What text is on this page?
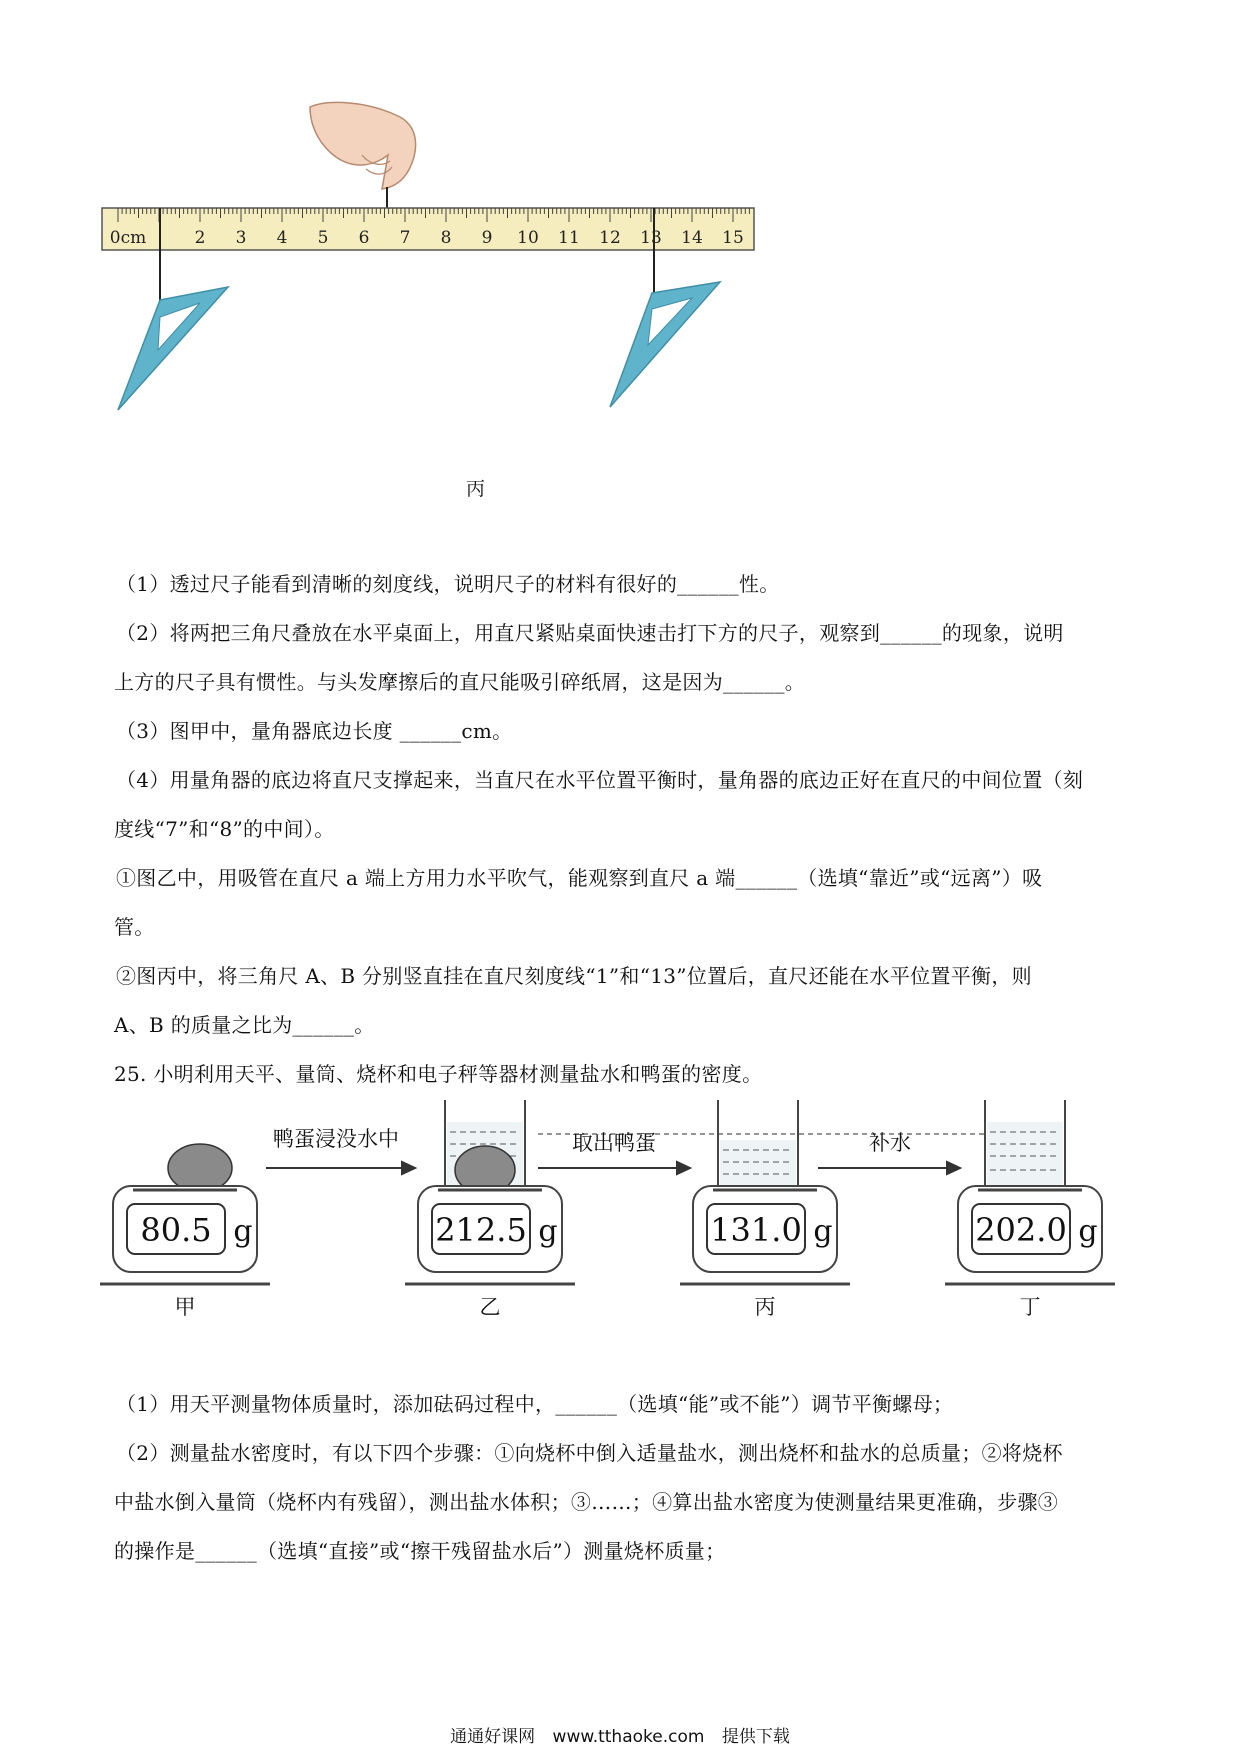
0cm	2 3 4 5 6 7 8 9 10 11 12 13 14 15
丙
（1）透过尺子能看到清晰的刻度线，说明尺子的材料有很好的______性。
（2）将两把三角尺叠放在水平桌面上，用直尺紧贴桌面快速击打下方的尺子，观察到______的现象，说明
上方的尺子具有惯性。与头发摩擦后的直尺能吸引碎纸屑，这是因为______。
（3）图甲中，量角器底边长度 ______cm。
（4）用量角器的底边将直尺支撑起来，当直尺在水平位置平衡时，量角器的底边正好在直尺的中间位置（刻
度线“7”和“8”的中间）。
①图乙中，用吸管在直尺 a 端上方用力水平吹气，能观察到直尺 a 端______（选填“靠近”或“远离”）吸
管。
②图丙中，将三角尺 A、B 分别竖直挂在直尺刻度线“1”和“13”位置后，直尺还能在水平位置平衡，则
A、B 的质量之比为______。
25. 小明利用天平、量筒、烧杯和电子秤等器材测量盐水和鸭蛋的密度。
鸭蛋浸没水中	取出鸭蛋	补水
80.5 g
甲
212.5 g
乙
131.0 g
丙
202.0 g
丁
（1）用天平测量物体质量时，添加砝码过程中，______（选填“能”或不能”）调节平衡螺母；
（2）测量盐水密度时，有以下四个步骤：①向烧杯中倒入适量盐水，测出烧杯和盐水的总质量；②将烧杯
中盐水倒入量筒（烧杯内有残留），测出盐水体积；③……；④算出盐水密度为使测量结果更准确，步骤③
的操作是______（选填“直接”或“擦干残留盐水后”）测量烧杯质量；
通通好课网 www.tthaoke.com 提供下载
